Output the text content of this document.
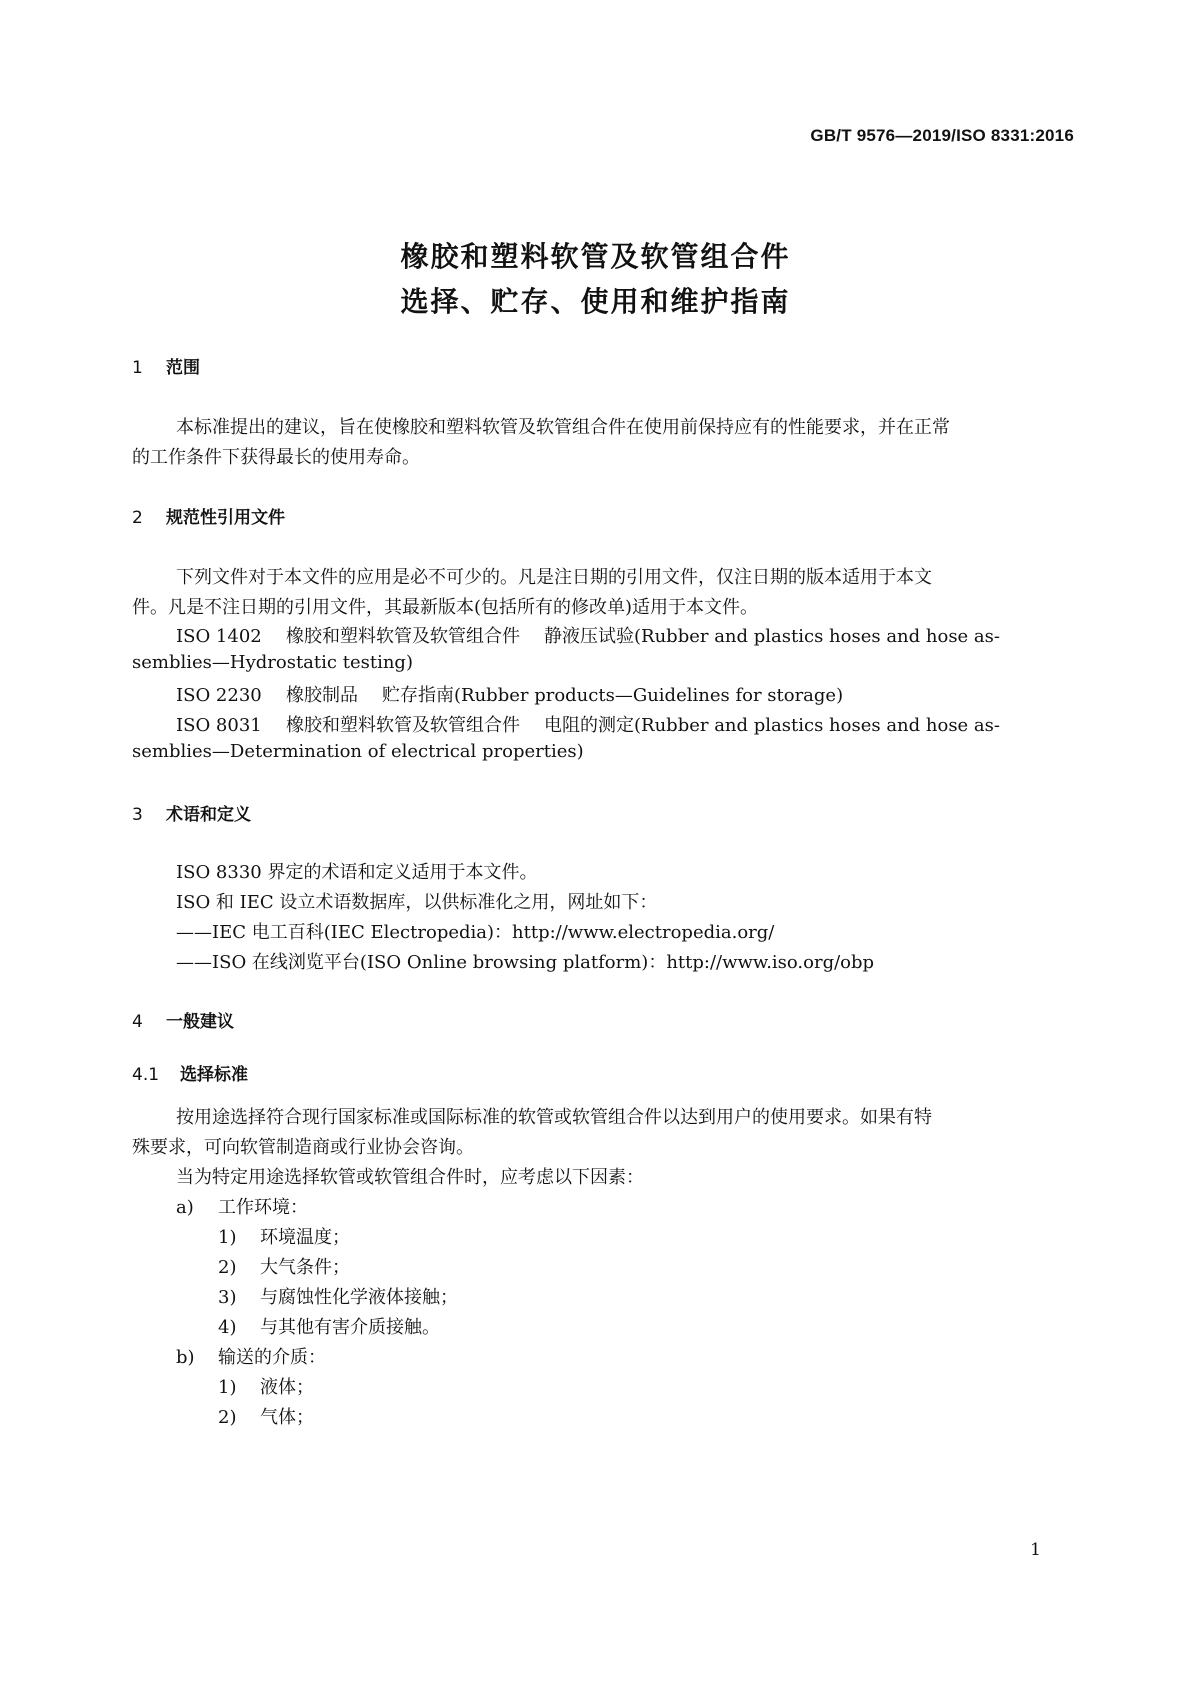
GB/T 9576—2019/ISO 8331:2016
橡胶和塑料软管及软管组合件
选择、贮存、使用和维护指南
1 范围
本标准提出的建议，旨在使橡胶和塑料软管及软管组合件在使用前保持应有的性能要求，并在正常
的工作条件下获得最长的使用寿命。
2 规范性引用文件
下列文件对于本文件的应用是必不可少的。凡是注日期的引用文件，仅注日期的版本适用于本文
件。凡是不注日期的引用文件，其最新版本(包括所有的修改单)适用于本文件。
ISO 1402 橡胶和塑料软管及软管组合件 静液压试验(Rubber and plastics hoses and hose as-
semblies—Hydrostatic testing)
ISO 2230 橡胶制品 贮存指南(Rubber products—Guidelines for storage)
ISO 8031 橡胶和塑料软管及软管组合件 电阻的测定(Rubber and plastics hoses and hose as-
semblies—Determination of electrical properties)
3 术语和定义
ISO 8330 界定的术语和定义适用于本文件。
ISO 和 IEC 设立术语数据库，以供标准化之用，网址如下：
——IEC 电工百科(IEC Electropedia)：http://www.electropedia.org/
——ISO 在线浏览平台(ISO Online browsing platform)：http://www.iso.org/obp
4 一般建议
4.1 选择标准
按用途选择符合现行国家标准或国际标准的软管或软管组合件以达到用户的使用要求。如果有特
殊要求，可向软管制造商或行业协会咨询。
当为特定用途选择软管或软管组合件时，应考虑以下因素：
a) 工作环境：
1) 环境温度；
2) 大气条件；
3) 与腐蚀性化学液体接触；
4) 与其他有害介质接触。
b) 输送的介质：
1) 液体；
2) 气体；
1
